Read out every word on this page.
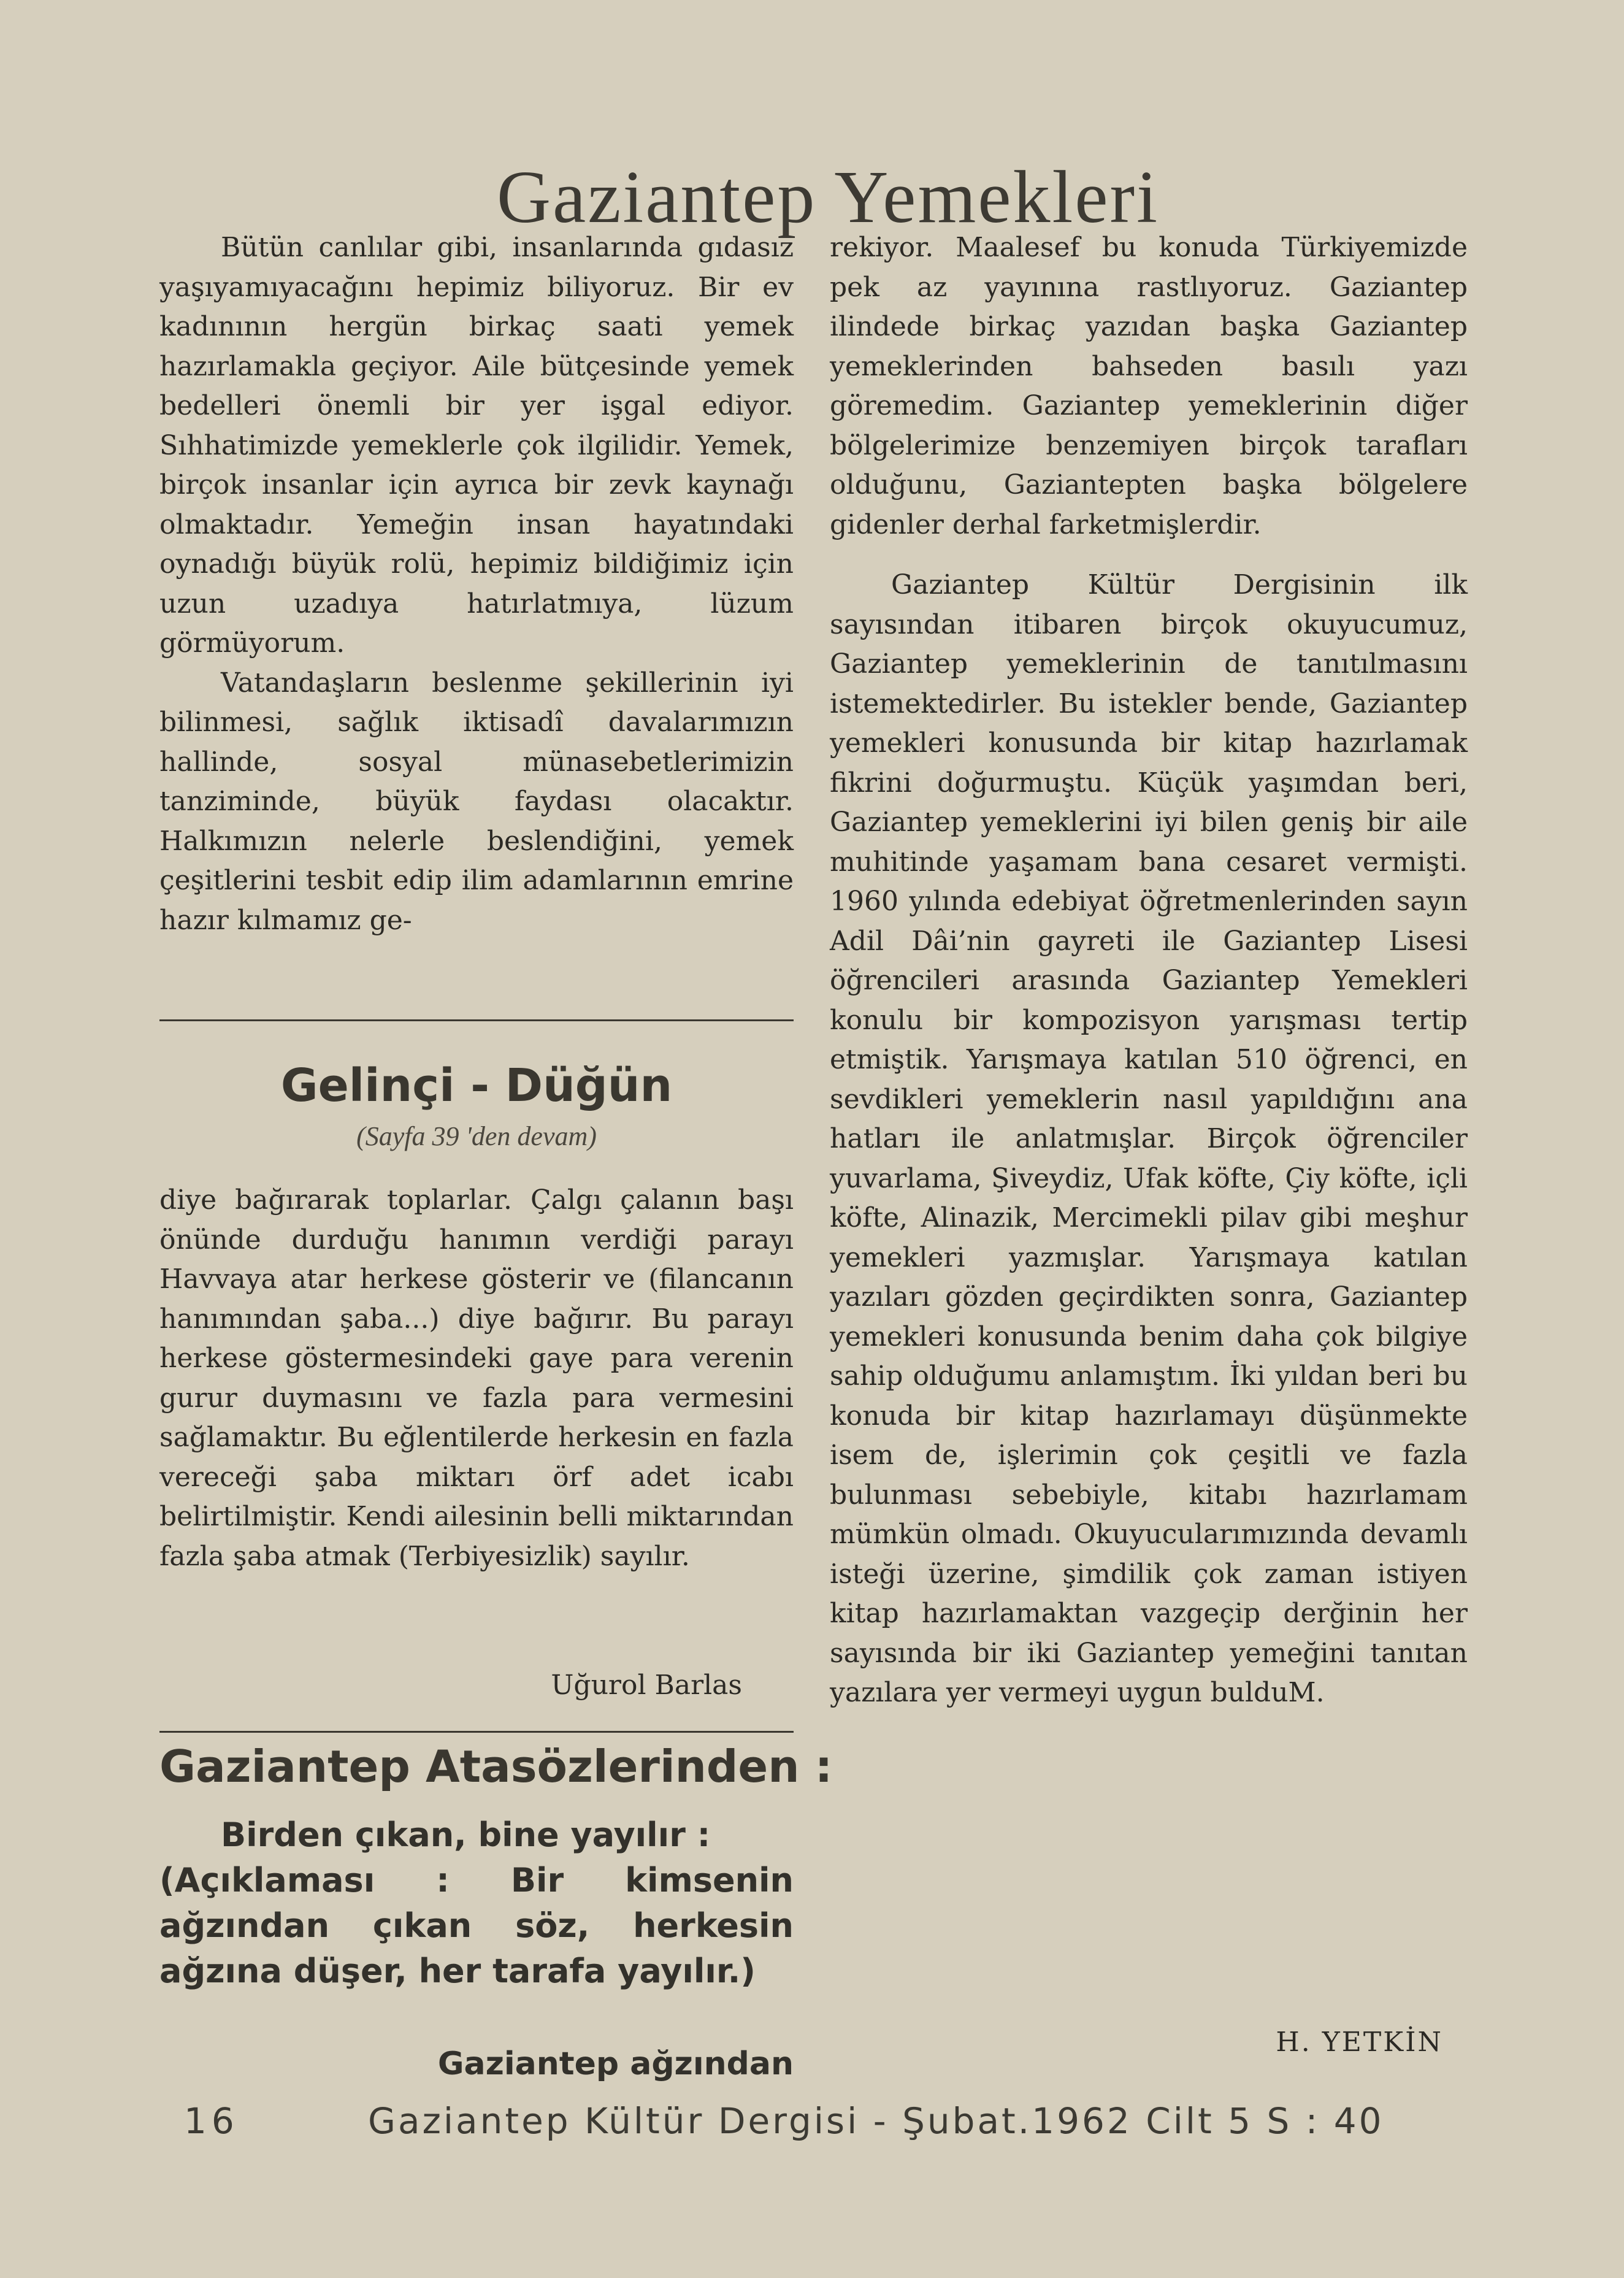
Gaziantep Yemekleri

Bütün canlılar gibi, insanlarında gıdasız yaşıyamıyacağını hepimiz biliyoruz. Bir ev kadınının hergün birkaç saati yemek hazırlamakla geçiyor. Aile bütçesinde yemek bedelleri önemli bir yer işgal ediyor. Sıhhatimizde yemeklerle çok ilgilidir. Yemek, birçok insanlar için ayrıca bir zevk kaynağı olmaktadır. Yemeğin insan hayatındaki oynadığı büyük rolü, hepimiz bildiğimiz için uzun uzadıya hatırlatmıya, lüzum görmüyorum.

Vatandaşların beslenme şekillerinin iyi bilinmesi, sağlık iktisadî davalarımızın hallinde, sosyal münasebetlerimizin tanziminde, büyük faydası olacaktır. Halkımızın nelerle beslendiğini, yemek çeşitlerini tesbit edip ilim adamlarının emrine hazır kılmamız ge-

rekiyor. Maalesef bu konuda Türkiyemizde pek az yayınına rastlıyoruz. Gaziantep ilindede birkaç yazıdan başka Gaziantep yemeklerinden bahseden basılı yazı göremedim. Gaziantep yemeklerinin diğer bölgelerimize benzemiyen birçok tarafları olduğunu, Gaziantepten başka bölgelere gidenler derhal farketmişlerdir.

Gaziantep Kültür Dergisinin ilk sayısından itibaren birçok okuyucumuz, Gaziantep yemeklerinin de tanıtılmasını istemektedirler. Bu istekler bende, Gaziantep yemekleri konusunda bir kitap hazırlamak fikrini doğurmuştu. Küçük yaşımdan beri, Gaziantep yemeklerini iyi bilen geniş bir aile muhitinde yaşamam bana cesaret vermişti. 1960 yılında edebiyat öğretmenlerinden sayın Adil Dâi’nin gayreti ile Gaziantep Lisesi öğrencileri arasında Gaziantep Yemekleri konulu bir kompozisyon yarışması tertip etmiştik. Yarışmaya katılan 510 öğrenci, en sevdikleri yemeklerin nasıl yapıldığını ana hatları ile anlatmışlar. Birçok öğrenciler yuvarlama, Şiveydiz, Ufak köfte, Çiy köfte, içli köfte, Alinazik, Mercimekli pilav gibi meşhur yemekleri yazmışlar. Yarışmaya katılan yazıları gözden geçirdikten sonra, Gaziantep yemekleri konusunda benim daha çok bilgiye sahip olduğumu anlamıştım. İki yıldan beri bu konuda bir kitap hazırlamayı düşünmekte isem de, işlerimin çok çeşitli ve fazla bulunması sebebiyle, kitabı hazırlamam mümkün olmadı. Okuyucularımızında devamlı isteği üzerine, şimdilik çok zaman istiyen kitap hazırlamaktan vazgeçip derğinin her sayısında bir iki Gaziantep yemeğini tanıtan yazılara yer vermeyi uygun bulduM.

H. YETKİN
Gelinçi - Düğün
(Sayfa 39 'den devam)

diye bağırarak toplarlar. Çalgı çalanın başı önünde durduğu hanımın verdiği parayı Havvaya atar herkese gösterir ve (filancanın hanımından şaba...) diye bağırır. Bu parayı herkese göstermesindeki gaye para verenin gurur duymasını ve fazla para vermesini sağlamaktır. Bu eğlentilerde herkesin en fazla vereceği şaba miktarı örf adet icabı belirtilmiştir. Kendi ailesinin belli miktarından fazla şaba atmak (Terbiyesizlik) sayılır.

Uğurol Barlas
Gaziantep Atasözlerinden :
Birden çıkan, bine yayılır :
(Açıklaması : Bir kimsenin ağzından çıkan söz, herkesin ağzına düşer, her tarafa yayılır.)
Gaziantep ağzından
16	Gaziantep Kültür Dergisi - Şubat.1962 Cilt 5 S : 40
